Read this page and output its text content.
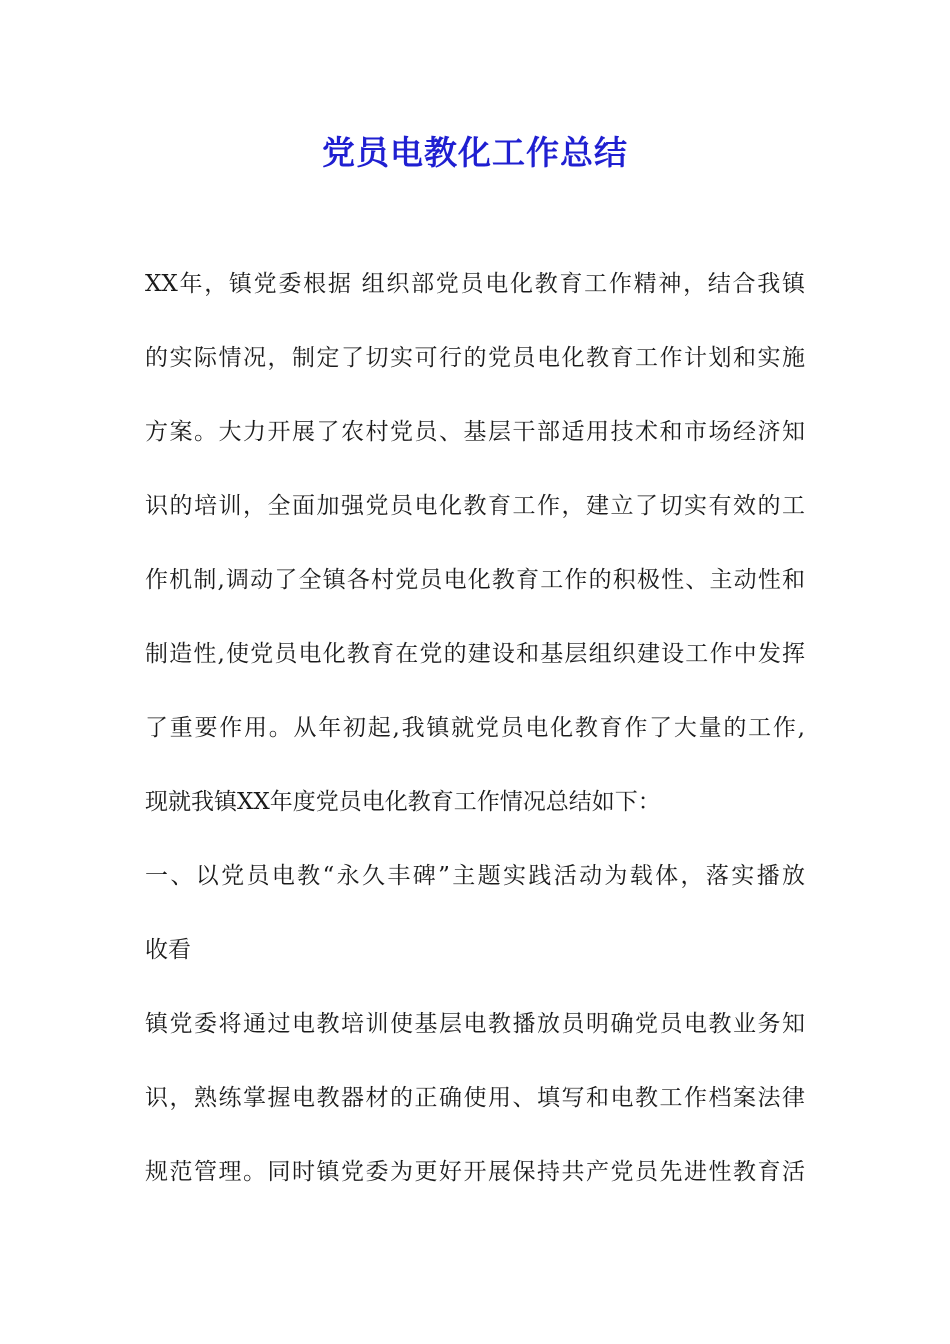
党员电教化工作总结
XX年，镇党委根据 组织部党员电化教育工作精神，结合我镇
的实际情况，制定了切实可行的党员电化教育工作计划和实施
方案。大力开展了农村党员、基层干部适用技术和市场经济知
识的培训，全面加强党员电化教育工作，建立了切实有效的工
作机制,调动了全镇各村党员电化教育工作的积极性、主动性和
制造性,使党员电化教育在党的建设和基层组织建设工作中发挥
了重要作用。从年初起,我镇就党员电化教育作了大量的工作,
现就我镇XX年度党员电化教育工作情况总结如下：
一、以党员电教“永久丰碑”主题实践活动为载体，落实播放
收看
镇党委将通过电教培训使基层电教播放员明确党员电教业务知
识，熟练掌握电教器材的正确使用、填写和电教工作档案法律
规范管理。同时镇党委为更好开展保持共产党员先进性教育活
